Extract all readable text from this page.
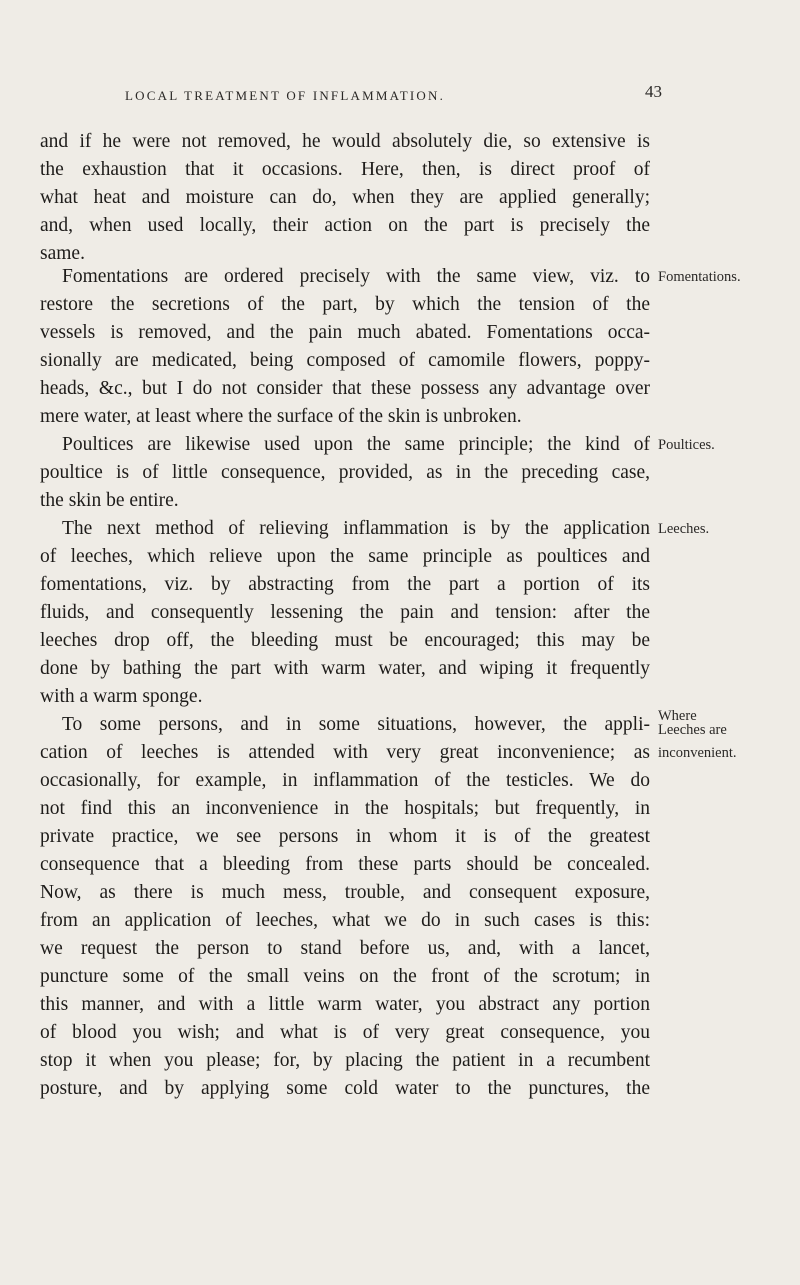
LOCAL TREATMENT OF INFLAMMATION.	43
and if he were not removed, he would absolutely die, so extensive is
the exhaustion that it occasions. Here, then, is direct proof of
what heat and moisture can do, when they are applied generally;
and, when used locally, their action on the part is precisely the
same.
Fomentations are ordered precisely with the same view, viz. to
restore the secretions of the part, by which the tension of the
vessels is removed, and the pain much abated. Fomentations occa-
sionally are medicated, being composed of camomile flowers, poppy-
heads, &c., but I do not consider that these possess any advantage over
mere water, at least where the surface of the skin is unbroken.
Poultices are likewise used upon the same principle; the kind of
poultice is of little consequence, provided, as in the preceding case,
the skin be entire.
The next method of relieving inflammation is by the application
of leeches, which relieve upon the same principle as poultices and
fomentations, viz. by abstracting from the part a portion of its
fluids, and consequently lessening the pain and tension: after the
leeches drop off, the bleeding must be encouraged; this may be
done by bathing the part with warm water, and wiping it frequently
with a warm sponge.
To some persons, and in some situations, however, the appli-
cation of leeches is attended with very great inconvenience; as
occasionally, for example, in inflammation of the testicles. We do
not find this an inconvenience in the hospitals; but frequently, in
private practice, we see persons in whom it is of the greatest
consequence that a bleeding from these parts should be concealed.
Now, as there is much mess, trouble, and consequent exposure,
from an application of leeches, what we do in such cases is this:
we request the person to stand before us, and, with a lancet,
puncture some of the small veins on the front of the scrotum; in
this manner, and with a little warm water, you abstract any portion
of blood you wish; and what is of very great consequence, you
stop it when you please; for, by placing the patient in a recumbent
posture, and by applying some cold water to the punctures, the
Fomentations.
Poultices.
Leeches.
Where
Leeches are
inconvenient.
